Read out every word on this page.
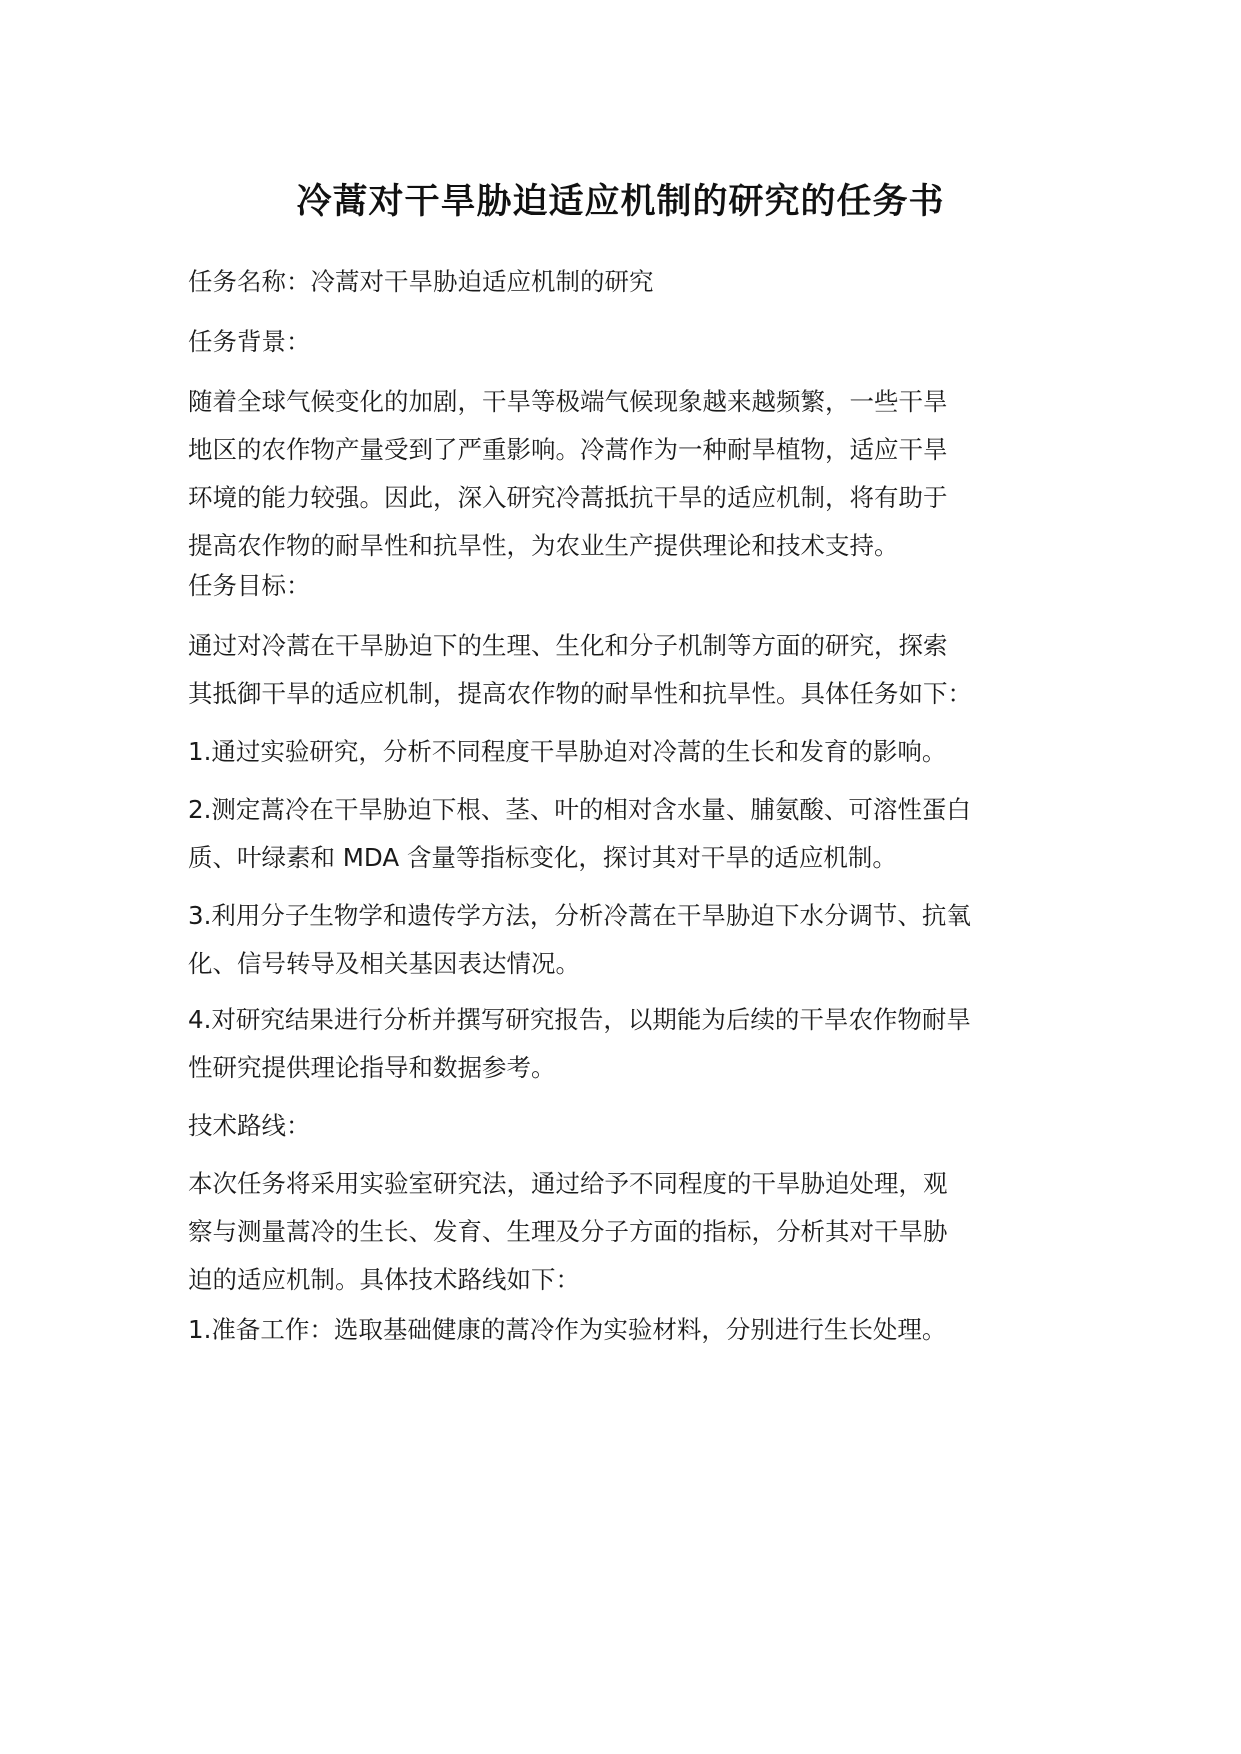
冷蒿对干旱胁迫适应机制的研究的任务书
任务名称：冷蒿对干旱胁迫适应机制的研究
任务背景：
随着全球气候变化的加剧，干旱等极端气候现象越来越频繁，一些干旱
地区的农作物产量受到了严重影响。冷蒿作为一种耐旱植物，适应干旱
环境的能力较强。因此，深入研究冷蒿抵抗干旱的适应机制，将有助于
提高农作物的耐旱性和抗旱性，为农业生产提供理论和技术支持。
任务目标：
通过对冷蒿在干旱胁迫下的生理、生化和分子机制等方面的研究，探索
其抵御干旱的适应机制，提高农作物的耐旱性和抗旱性。具体任务如下：
1.通过实验研究，分析不同程度干旱胁迫对冷蒿的生长和发育的影响。
2.测定蒿冷在干旱胁迫下根、茎、叶的相对含水量、脯氨酸、可溶性蛋白
质、叶绿素和 MDA 含量等指标变化，探讨其对干旱的适应机制。
3.利用分子生物学和遗传学方法，分析冷蒿在干旱胁迫下水分调节、抗氧
化、信号转导及相关基因表达情况。
4.对研究结果进行分析并撰写研究报告，以期能为后续的干旱农作物耐旱
性研究提供理论指导和数据参考。
技术路线：
本次任务将采用实验室研究法，通过给予不同程度的干旱胁迫处理，观
察与测量蒿冷的生长、发育、生理及分子方面的指标，分析其对干旱胁
迫的适应机制。具体技术路线如下：
1.准备工作：选取基础健康的蒿冷作为实验材料，分别进行生长处理。
